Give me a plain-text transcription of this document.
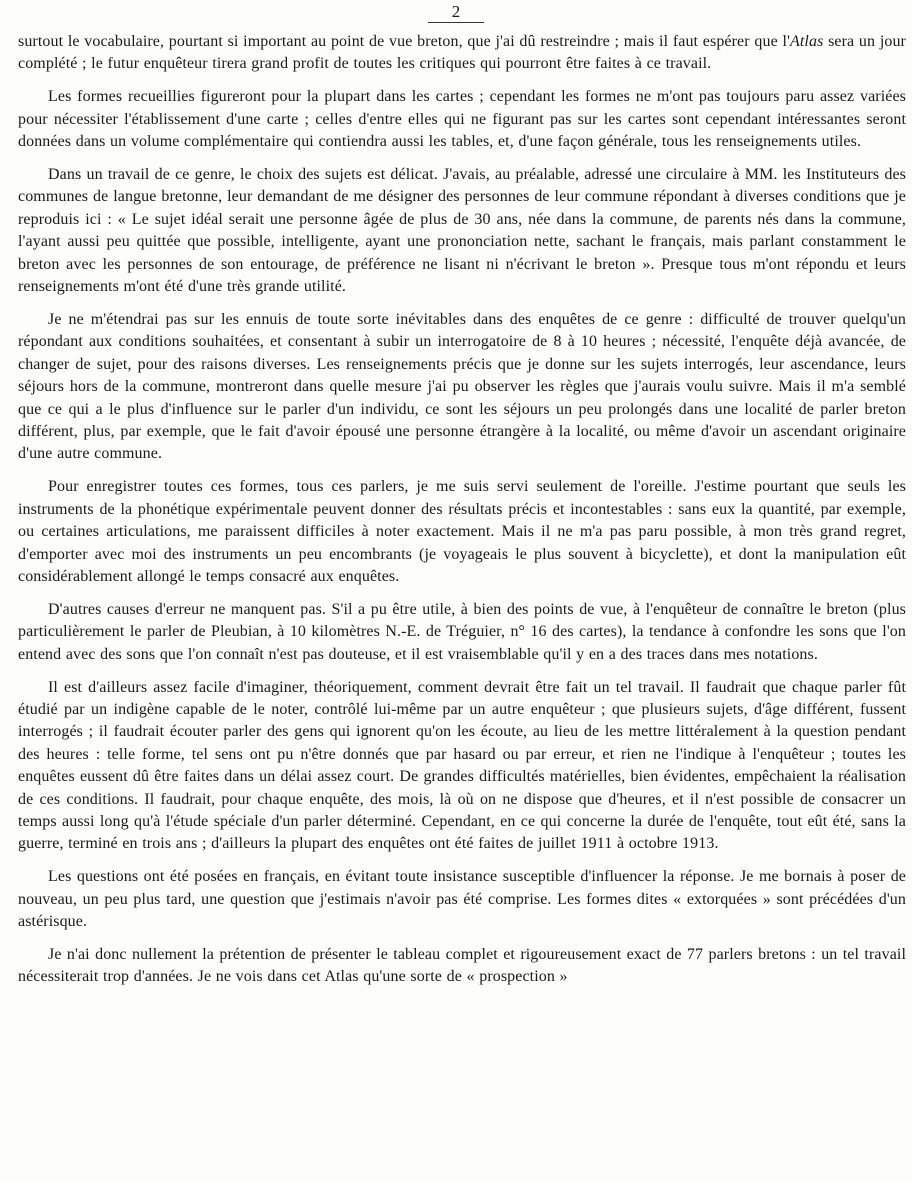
2

surtout le vocabulaire, pourtant si important au point de vue breton, que j'ai dû restreindre ; mais il faut espérer que l'Atlas sera un jour complété ; le futur enquêteur tirera grand profit de toutes les critiques qui pourront être faites à ce travail.

Les formes recueillies figureront pour la plupart dans les cartes ; cependant les formes ne m'ont pas toujours paru assez variées pour nécessiter l'établissement d'une carte ; celles d'entre elles qui ne figurant pas sur les cartes sont cependant intéressantes seront données dans un volume complémentaire qui contiendra aussi les tables, et, d'une façon générale, tous les renseignements utiles.

Dans un travail de ce genre, le choix des sujets est délicat. J'avais, au préalable, adressé une circulaire à MM. les Instituteurs des communes de langue bretonne, leur demandant de me désigner des personnes de leur commune répondant à diverses conditions que je reproduis ici : « Le sujet idéal serait une personne âgée de plus de 30 ans, née dans la commune, de parents nés dans la commune, l'ayant aussi peu quittée que possible, intelligente, ayant une prononciation nette, sachant le français, mais parlant constamment le breton avec les personnes de son entourage, de préférence ne lisant ni n'écrivant le breton ». Presque tous m'ont répondu et leurs renseignements m'ont été d'une très grande utilité.

Je ne m'étendrai pas sur les ennuis de toute sorte inévitables dans des enquêtes de ce genre : difficulté de trouver quelqu'un répondant aux conditions souhaitées, et consentant à subir un interrogatoire de 8 à 10 heures ; nécessité, l'enquête déjà avancée, de changer de sujet, pour des raisons diverses. Les renseignements précis que je donne sur les sujets interrogés, leur ascendance, leurs séjours hors de la commune, montreront dans quelle mesure j'ai pu observer les règles que j'aurais voulu suivre. Mais il m'a semblé que ce qui a le plus d'influence sur le parler d'un individu, ce sont les séjours un peu prolongés dans une localité de parler breton différent, plus, par exemple, que le fait d'avoir épousé une personne étrangère à la localité, ou même d'avoir un ascendant originaire d'une autre commune.

Pour enregistrer toutes ces formes, tous ces parlers, je me suis servi seulement de l'oreille. J'estime pourtant que seuls les instruments de la phonétique expérimentale peuvent donner des résultats précis et incontestables : sans eux la quantité, par exemple, ou certaines articulations, me paraissent difficiles à noter exactement. Mais il ne m'a pas paru possible, à mon très grand regret, d'emporter avec moi des instruments un peu encombrants (je voyageais le plus souvent à bicyclette), et dont la manipulation eût considérablement allongé le temps consacré aux enquêtes.

D'autres causes d'erreur ne manquent pas. S'il a pu être utile, à bien des points de vue, à l'enquêteur de connaître le breton (plus particulièrement le parler de Pleubian, à 10 kilomètres N.-E. de Tréguier, n° 16 des cartes), la tendance à confondre les sons que l'on entend avec des sons que l'on connaît n'est pas douteuse, et il est vraisemblable qu'il y en a des traces dans mes notations.

Il est d'ailleurs assez facile d'imaginer, théoriquement, comment devrait être fait un tel travail. Il faudrait que chaque parler fût étudié par un indigène capable de le noter, contrôlé lui-même par un autre enquêteur ; que plusieurs sujets, d'âge différent, fussent interrogés ; il faudrait écouter parler des gens qui ignorent qu'on les écoute, au lieu de les mettre littéralement à la question pendant des heures : telle forme, tel sens ont pu n'être donnés que par hasard ou par erreur, et rien ne l'indique à l'enquêteur ; toutes les enquêtes eussent dû être faites dans un délai assez court. De grandes difficultés matérielles, bien évidentes, empêchaient la réalisation de ces conditions. Il faudrait, pour chaque enquête, des mois, là où on ne dispose que d'heures, et il n'est possible de consacrer un temps aussi long qu'à l'étude spéciale d'un parler déterminé. Cependant, en ce qui concerne la durée de l'enquête, tout eût été, sans la guerre, terminé en trois ans ; d'ailleurs la plupart des enquêtes ont été faites de juillet 1911 à octobre 1913.

Les questions ont été posées en français, en évitant toute insistance susceptible d'influencer la réponse. Je me bornais à poser de nouveau, un peu plus tard, une question que j'estimais n'avoir pas été comprise. Les formes dites « extorquées » sont précédées d'un astérisque.

Je n'ai donc nullement la prétention de présenter le tableau complet et rigoureusement exact de 77 parlers bretons : un tel travail nécessiterait trop d'années. Je ne vois dans cet Atlas qu'une sorte de « prospection »
